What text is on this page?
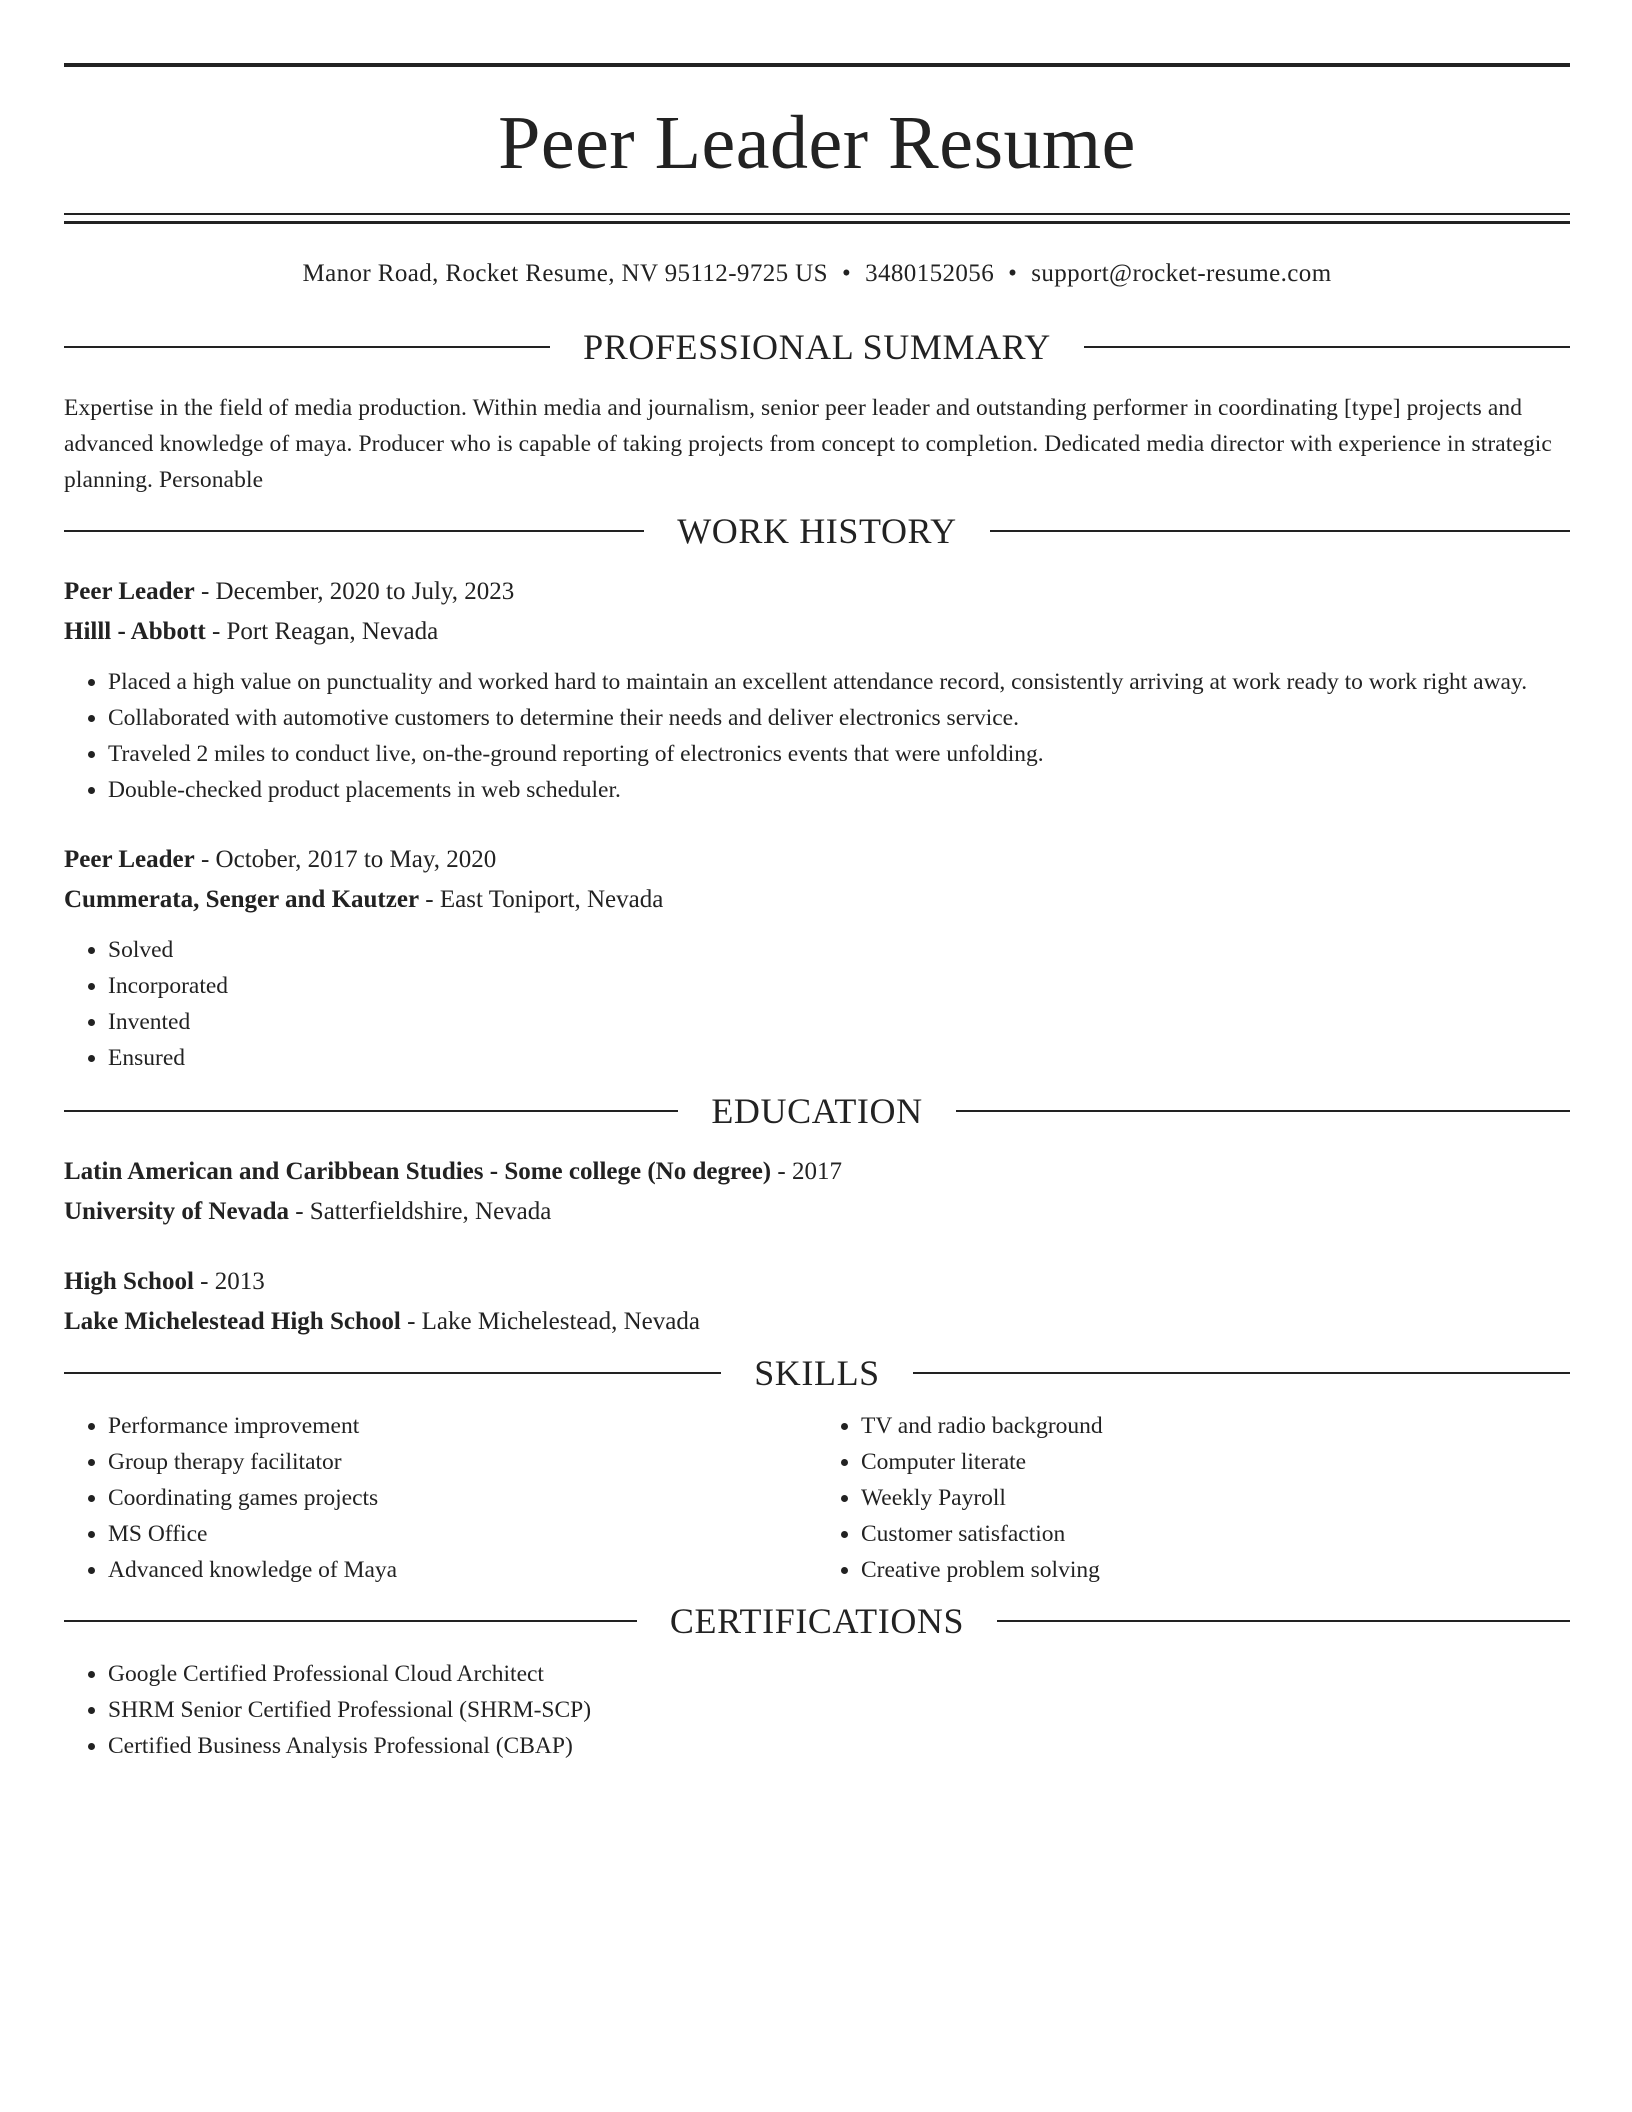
Peer Leader Resume
Manor Road, Rocket Resume, NV 95112-9725 US • 3480152056 • support@rocket-resume.com
PROFESSIONAL SUMMARY

Expertise in the field of media production. Within media and journalism, senior peer leader and outstanding performer in coordinating [type] projects and advanced knowledge of maya. Producer who is capable of taking projects from concept to completion. Dedicated media director with experience in strategic planning. Personable

WORK HISTORY

Peer Leader - December, 2020 to July, 2023

Hilll - Abbott - Port Reagan, Nevada

• Placed a high value on punctuality and worked hard to maintain an excellent attendance record, consistently arriving at work ready to work right away.
• Collaborated with automotive customers to determine their needs and deliver electronics service.
• Traveled 2 miles to conduct live, on-the-ground reporting of electronics events that were unfolding.
• Double-checked product placements in web scheduler.

Peer Leader - October, 2017 to May, 2020

Cummerata, Senger and Kautzer - East Toniport, Nevada

• Solved
• Incorporated
• Invented
• Ensured
EDUCATION

Latin American and Caribbean Studies - Some college (No degree) - 2017

University of Nevada - Satterfieldshire, Nevada

High School - 2013

Lake Michelestead High School - Lake Michelestead, Nevada

SKILLS
• Performance improvement
• Group therapy facilitator
• Coordinating games projects
• MS Office
• Advanced knowledge of Maya
• TV and radio background
• Computer literate
• Weekly Payroll
• Customer satisfaction
• Creative problem solving
CERTIFICATIONS
• Google Certified Professional Cloud Architect
• SHRM Senior Certified Professional (SHRM-SCP)
• Certified Business Analysis Professional (CBAP)
